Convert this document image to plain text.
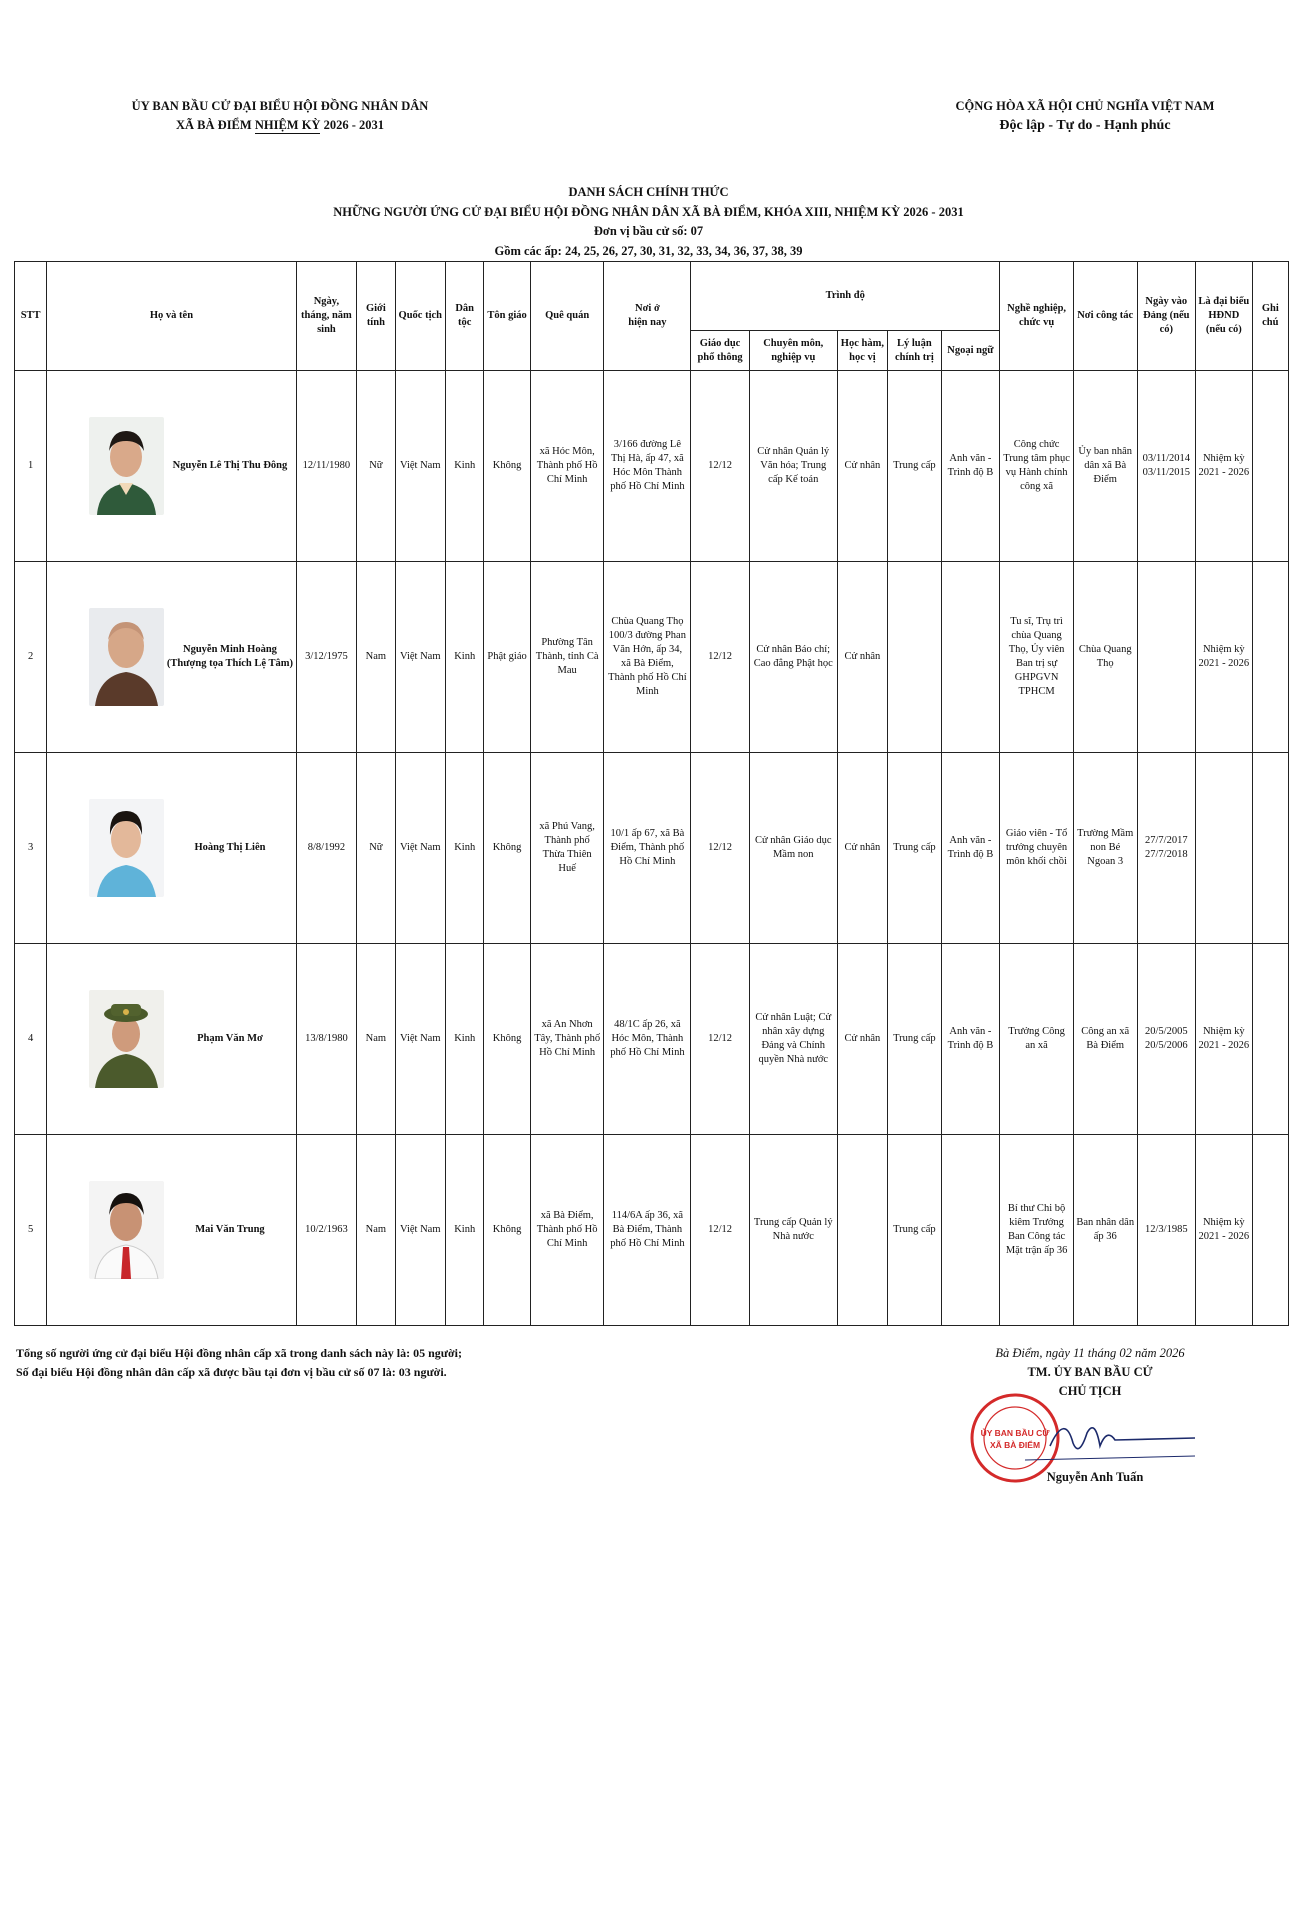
ỦY BAN BẦU CỬ ĐẠI BIỂU HỘI ĐỒNG NHÂN DÂN
XÃ BÀ ĐIỂM NHIỆM KỲ 2026 - 2031
CỘNG HÒA XÃ HỘI CHỦ NGHĨA VIỆT NAM
Độc lập - Tự do - Hạnh phúc
DANH SÁCH CHÍNH THỨC
NHỮNG NGƯỜI ỨNG CỬ ĐẠI BIỂU HỘI ĐỒNG NHÂN DÂN XÃ BÀ ĐIỂM, KHÓA XIII, NHIỆM KỲ 2026 - 2031
Đơn vị bầu cử số: 07
Gồm các ấp: 24, 25, 26, 27, 30, 31, 32, 33, 34, 36, 37, 38, 39
STT	Họ và tên	Ngày, tháng, năm sinh	Giới tính	Quốc tịch	Dân tộc	Tôn giáo	Quê quán	Nơi ở
hiện nay	Trình độ					Nghề nghiệp, chức vụ	Nơi công tác	Ngày vào Đảng (nếu có)	Là đại biểu HĐND (nếu có)	Ghi chú
									Giáo dục phổ thông	Chuyên môn, nghiệp vụ	Học hàm, học vị	Lý luận chính trị	Ngoại ngữ					
1	Nguyễn Lê Thị Thu Đông	12/11/1980	Nữ	Việt Nam	Kinh	Không	xã Hóc Môn, Thành phố Hồ Chí Minh	3/166 đường Lê Thị Hà, ấp 47, xã Hóc Môn Thành phố Hồ Chí Minh	12/12	Cử nhân Quản lý Văn hóa; Trung cấp Kế toán	Cử nhân	Trung cấp	Anh văn - Trình độ B	Công chức Trung tâm phục vụ Hành chính công xã	Ủy ban nhân dân xã Bà Điểm	03/11/2014 03/11/2015	Nhiệm kỳ 2021 - 2026	
2	Nguyễn Minh Hoàng (Thượng tọa Thích Lệ Tâm)	3/12/1975	Nam	Việt Nam	Kinh	Phật giáo	Phường Tân Thành, tỉnh Cà Mau	Chùa Quang Thọ 100/3 đường Phan Văn Hớn, ấp 34, xã Bà Điểm, Thành phố Hồ Chí Minh	12/12	Cử nhân Báo chí; Cao đẳng Phật học	Cử nhân			Tu sĩ, Trụ trì chùa Quang Thọ, Ủy viên Ban trị sự GHPGVN TPHCM	Chùa Quang Thọ		Nhiệm kỳ 2021 - 2026	
3	Hoàng Thị Liên	8/8/1992	Nữ	Việt Nam	Kinh	Không	xã Phú Vang, Thành phố Thừa Thiên Huế	10/1 ấp 67, xã Bà Điểm, Thành phố Hồ Chí Minh	12/12	Cử nhân Giáo dục Mầm non	Cử nhân	Trung cấp	Anh văn - Trình độ B	Giáo viên - Tổ trưởng chuyên môn khối chồi	Trường Mầm non Bé Ngoan 3	27/7/2017 27/7/2018		
4	Phạm Văn Mơ	13/8/1980	Nam	Việt Nam	Kinh	Không	xã An Nhơn Tây, Thành phố Hồ Chí Minh	48/1C ấp 26, xã Hóc Môn, Thành phố Hồ Chí Minh	12/12	Cử nhân Luật; Cử nhân xây dựng Đảng và Chính quyền Nhà nước	Cử nhân	Trung cấp	Anh văn - Trình độ B	Trưởng Công an xã	Công an xã Bà Điểm	20/5/2005 20/5/2006	Nhiệm kỳ 2021 - 2026	
5	Mai Văn Trung	10/2/1963	Nam	Việt Nam	Kinh	Không	xã Bà Điểm, Thành phố Hồ Chí Minh	114/6A ấp 36, xã Bà Điểm, Thành phố Hồ Chí Minh	12/12	Trung cấp Quản lý Nhà nước		Trung cấp		Bí thư Chi bộ kiêm Trưởng Ban Công tác Mặt trận ấp 36	Ban nhân dân ấp 36	12/3/1985	Nhiệm kỳ 2021 - 2026	
Tổng số người ứng cử đại biểu Hội đồng nhân cấp xã trong danh sách này là: 05 người;
Số đại biểu Hội đồng nhân dân cấp xã được bầu tại đơn vị bầu cử số 07 là: 03 người.
Bà Điểm, ngày 11 tháng 02 năm 2026
TM. ỦY BAN BẦU CỬ
CHỦ TỊCH
ỦY BAN BẦU CỬ
XÃ BÀ ĐIỂM
Nguyễn Anh Tuấn
